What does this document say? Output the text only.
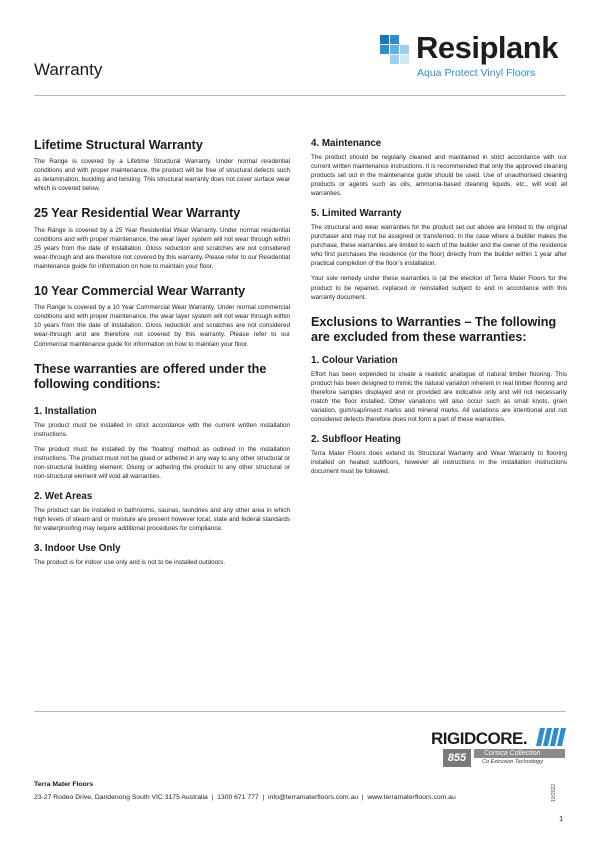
Warranty
Resiplank
Aqua Protect Vinyl Floors
Lifetime Structural Warranty

The Range is covered by a Lifetime Structural Warranty. Under normal residential conditions and with proper maintenance, the product will be free of structural defects such as delamination, buckling and twisting. This structural warranty does not cover surface wear which is covered below.

25 Year Residential Wear Warranty

The Range is covered by a 25 Year Residential Wear Warranty. Under normal residential conditions and with proper maintenance, the wear layer system will not wear through within 25 years from the date of installation. Gloss reduction and scratches are not considered wear-through and are therefore not covered by this warranty. Please refer to our Residential maintenance guide for information on how to maintain your floor.

10 Year Commercial Wear Warranty

The Range is covered by a 10 Year Commercial Wear Warranty. Under normal commercial conditions and with proper maintenance, the wear layer system will not wear through within 10 years from the date of installation. Gloss reduction and scratches are not considered wear-through and are therefore not covered by this warranty. Please refer to our Commercial maintenance guide for information on how to maintain your floor.

These warranties are offered under the following conditions:
1. Installation

The product must be installed in strict accordance with the current written installation instructions.

The product must be installed by the ‘floating’ method as outlined in the installation instructions. The product must not be glued or adhered in any way to any other structural or non-structural building element. Gluing or adhering the product to any other structural or non-structural element will void all warranties.

2. Wet Areas

The product can be installed in bathrooms, saunas, laundries and any other area in which high levels of steam and or moisture are present however local, state and federal standards for waterproofing may require additional procedures for compliance.

3. Indoor Use Only

The product is for indoor use only and is not to be installed outdoors.

4. Maintenance

The product should be regularly cleaned and maintained in strict accordance with our current written maintenance instructions. It is recommended that only the approved cleaning products set out in the maintenance guide should be used. Use of unauthorised cleaning products or agents such as oils, ammonia-based cleaning liquids, etc., will void all warranties.

5. Limited Warranty

The structural and wear warranties for the product set out above are limited to the original purchaser and may not be assigned or transferred. In the case where a builder makes the purchase, these warranties are limited to each of the builder and the owner of the residence who first purchases the residence (or the floor) directly from the builder within 1 year after practical completion of the floor’s installation.

Your sole remedy under these warranties is (at the election of Terra Mater Floors for the product to be repaired, replaced or reinstalled subject to and in accordance with this warranty document.

Exclusions to Warranties – The following are excluded from these warranties:
1. Colour Variation

Effort has been expended to create a realistic analogue of natural timber flooring. This product has been designed to mimic the natural variation inherent in real timber flooring and therefore samples displayed and or provided are indicative only and will not necessarily match the floor installed. Other variations will also occur such as small knots, grain variation, gum/sap/insect marks and mineral marks. All variations are intentional and not considered defects therefore does not form a part of these warranties.

2. Subfloor Heating

Terra Mater Floors does extend its Structural Warranty and Wear Warranty to flooring installed on heated subfloors, however all instructions in the installation instructions document must be followed.

RIGIDCORE.
855	Corsica Collection
Co Extrusion Technology
Terra Mater Floors
23-27 Rodeo Drive, Dandenong South VIC 3175 Australia  |  1300 671 777  |  info@terramaterfloors.com.au  |  www.terramaterfloors.com.au	10/2022
1
